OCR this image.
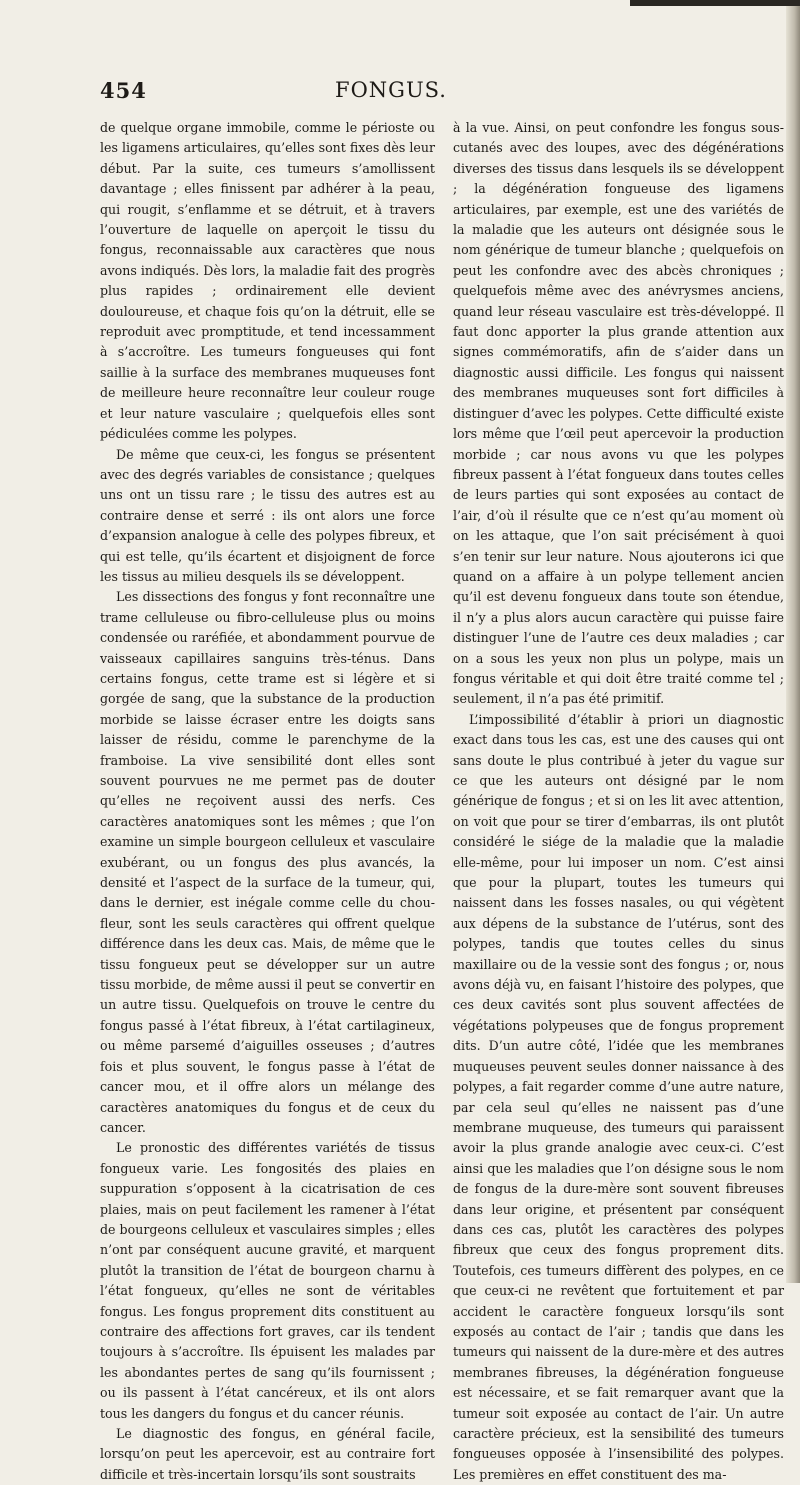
454	FONGUS.

de quelque organe immobile, comme le périoste ou les ligamens articulaires, qu’elles sont fixes dès leur début. Par la suite, ces tumeurs s’amollissent davantage ; elles finissent par adhérer à la peau, qui rougit, s’enflamme et se détruit, et à travers l’ouverture de laquelle on aperçoit le tissu du fongus, reconnaissable aux caractères que nous avons indiqués. Dès lors, la maladie fait des progrès plus rapides ; ordinairement elle devient douloureuse, et chaque fois qu’on la détruit, elle se reproduit avec promptitude, et tend incessamment à s’accroître. Les tumeurs fongueuses qui font saillie à la surface des membranes muqueuses font de meilleure heure reconnaître leur couleur rouge et leur nature vasculaire ; quelquefois elles sont pédiculées comme les polypes.

De même que ceux-ci, les fongus se présentent avec des degrés variables de consistance ; quelques uns ont un tissu rare ; le tissu des autres est au contraire dense et serré : ils ont alors une force d’expansion analogue à celle des polypes fibreux, et qui est telle, qu’ils écartent et disjoignent de force les tissus au milieu desquels ils se développent.

Les dissections des fongus y font reconnaître une trame celluleuse ou fibro-celluleuse plus ou moins condensée ou raréfiée, et abondamment pourvue de vaisseaux capillaires sanguins très-ténus. Dans certains fongus, cette trame est si légère et si gorgée de sang, que la substance de la production morbide se laisse écraser entre les doigts sans laisser de résidu, comme le parenchyme de la framboise. La vive sensibilité dont elles sont souvent pourvues ne me permet pas de douter qu’elles ne reçoivent aussi des nerfs. Ces caractères anatomiques sont les mêmes ; que l’on examine un simple bourgeon celluleux et vasculaire exubérant, ou un fongus des plus avancés, la densité et l’aspect de la surface de la tumeur, qui, dans le dernier, est inégale comme celle du chou-fleur, sont les seuls caractères qui offrent quelque différence dans les deux cas. Mais, de même que le tissu fongueux peut se développer sur un autre tissu morbide, de même aussi il peut se convertir en un autre tissu. Quelquefois on trouve le centre du fongus passé à l’état fibreux, à l’état cartilagineux, ou même parsemé d’aiguilles osseuses ; d’autres fois et plus souvent, le fongus passe à l’état de cancer mou, et il offre alors un mélange des caractères anatomiques du fongus et de ceux du cancer.

Le pronostic des différentes variétés de tissus fongueux varie. Les fongosités des plaies en suppuration s’opposent à la cicatrisation de ces plaies, mais on peut facilement les ramener à l’état de bourgeons celluleux et vasculaires simples ; elles n’ont par conséquent aucune gravité, et marquent plutôt la transition de l’état de bourgeon charnu à l’état fongueux, qu’elles ne sont de véritables fongus. Les fongus proprement dits constituent au contraire des affections fort graves, car ils tendent toujours à s’accroître. Ils épuisent les malades par les abondantes pertes de sang qu’ils fournissent ; ou ils passent à l’état cancéreux, et ils ont alors tous les dangers du fongus et du cancer réunis.

Le diagnostic des fongus, en général facile, lorsqu’on peut les apercevoir, est au contraire fort difficile et très-incertain lorsqu’ils sont soustraits

à la vue. Ainsi, on peut confondre les fongus sous-cutanés avec des loupes, avec des dégénérations diverses des tissus dans lesquels ils se développent ; la dégénération fongueuse des ligamens articulaires, par exemple, est une des variétés de la maladie que les auteurs ont désignée sous le nom générique de tumeur blanche ; quelquefois on peut les confondre avec des abcès chroniques ; quelquefois même avec des anévrysmes anciens, quand leur réseau vasculaire est très-développé. Il faut donc apporter la plus grande attention aux signes commémoratifs, afin de s’aider dans un diagnostic aussi difficile. Les fongus qui naissent des membranes muqueuses sont fort difficiles à distinguer d’avec les polypes. Cette difficulté existe lors même que l’œil peut apercevoir la production morbide ; car nous avons vu que les polypes fibreux passent à l’état fongueux dans toutes celles de leurs parties qui sont exposées au contact de l’air, d’où il résulte que ce n’est qu’au moment où on les attaque, que l’on sait précisément à quoi s’en tenir sur leur nature. Nous ajouterons ici que quand on a affaire à un polype tellement ancien qu’il est devenu fongueux dans toute son étendue, il n’y a plus alors aucun caractère qui puisse faire distinguer l’une de l’autre ces deux maladies ; car on a sous les yeux non plus un polype, mais un fongus véritable et qui doit être traité comme tel ; seulement, il n’a pas été primitif.

L’impossibilité d’établir à priori un diagnostic exact dans tous les cas, est une des causes qui ont sans doute le plus contribué à jeter du vague sur ce que les auteurs ont désigné par le nom générique de fongus ; et si on les lit avec attention, on voit que pour se tirer d’embarras, ils ont plutôt considéré le siége de la maladie que la maladie elle-même, pour lui imposer un nom. C’est ainsi que pour la plupart, toutes les tumeurs qui naissent dans les fosses nasales, ou qui végètent aux dépens de la substance de l’utérus, sont des polypes, tandis que toutes celles du sinus maxillaire ou de la vessie sont des fongus ; or, nous avons déjà vu, en faisant l’histoire des polypes, que ces deux cavités sont plus souvent affectées de végétations polypeuses que de fongus proprement dits. D’un autre côté, l’idée que les membranes muqueuses peuvent seules donner naissance à des polypes, a fait regarder comme d’une autre nature, par cela seul qu’elles ne naissent pas d’une membrane muqueuse, des tumeurs qui paraissent avoir la plus grande analogie avec ceux-ci. C’est ainsi que les maladies que l’on désigne sous le nom de fongus de la dure-mère sont souvent fibreuses dans leur origine, et présentent par conséquent dans ces cas, plutôt les caractères des polypes fibreux que ceux des fongus proprement dits. Toutefois, ces tumeurs diffèrent des polypes, en ce que ceux-ci ne revêtent que fortuitement et par accident le caractère fongueux lorsqu’ils sont exposés au contact de l’air ; tandis que dans les tumeurs qui naissent de la dure-mère et des autres membranes fibreuses, la dégénération fongueuse est nécessaire, et se fait remarquer avant que la tumeur soit exposée au contact de l’air. Un autre caractère précieux, est la sensibilité des tumeurs fongueuses opposée à l’insensibilité des polypes. Les premières en effet constituent des ma-
